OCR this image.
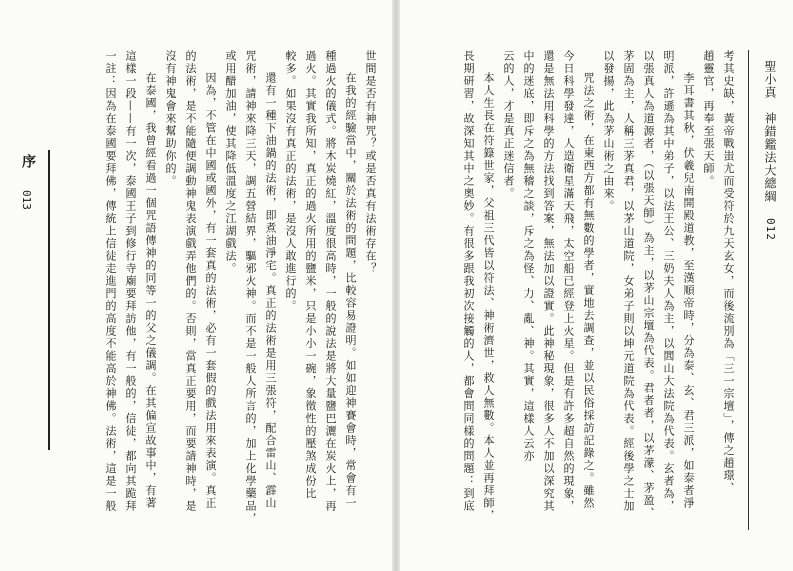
聖小真　神錯鑑法大總綱 012

考其史缺，黃帝戰蚩尤而受符於九天玄女，而後流別為「三一宗壇」，傳之趙璟、

趙靈官，再奉至張天師。

李耳書其秋，伏羲兒南開殿道教，至漢順帝時，分為泰、玄、君三派，如泰者淨

明派，許遜為其中弟子，以法王公、三奶夫人為主，以閭山大法院為代表。玄者為，

以張真人為道源者，（以張天師）為主，以茅山宗壇為代表。君者者，以茅濛、茅盈、

茅固為主，人稱三茅真君，以茅山道院，女弟子則以坤元道院為代表。經後學之士加

以發揚，此為茅山術之由來。

咒法之術，在東西方都有無數的學者，實地去調查，並以民俗採訪記錄之。雖然

今日科學發達，人造衛星滿天飛，太空船已經登上火星。但是有許多超自然的現象，

還是無法用科學的方法找到答案，無法加以證實。此神秘現象，很多人不加以深究其

中的迷底，即斥之為無稽之談，斥之為怪、力、亂、神。其實，這樣人云亦

云的人，才是真正迷信者。

本人生長在符籙世家，父祖三代皆以符法、神術濟世，救人無數。本人並再拜師，

長期研習，故深知其中之奧妙。有很多跟我初次接觸的人，都會問同樣的問題：到底

世間是否有神咒？或是否真有法術存在？

在我的經驗當中，關於法術的問題，比較容易證明。如如迎神賽會時，常會有一

種過火的儀式。將木炭燒紅，溫度很高時，一般的說法是將大量鹽巴灑在炭火上，再

過火。其實我所知，真正的過火所用的鹽米，只是小小一碗，象徵性的壓煞成份比

較多。如果沒有真正的法術，是沒人敢進行的。

還有一種下油鍋的法術，即煮油淨宅。真正的法術是用三張符，配合雷山、霹山

咒術，請神來降三天，調五營結界，驅邪火神。而不是一般人所言的，加上化學藥品，

或用醋加油，使其降低溫度之江湖戲法。

因為，不管在中國或國外，有一套真的法術，必有一套假的戲法用來表演。真正

的法術，是不能隨便調動神鬼表演戲弄他們的。否則，當真正要用，而要請神時，是

沒有神鬼會來幫助你的。

在泰國，我曾經看過一個咒語傳神的同等一的父之儀調。在其偏宣故事中，有著

這樣一段——有一次，泰國王子到修行寺廟要拜訪他，有一般的，信徒，都向其跪拜

一註：因為在泰國要拜佛，傳統上信徒走進門的高度不能高於神佛。法術，這是一般

序
013
